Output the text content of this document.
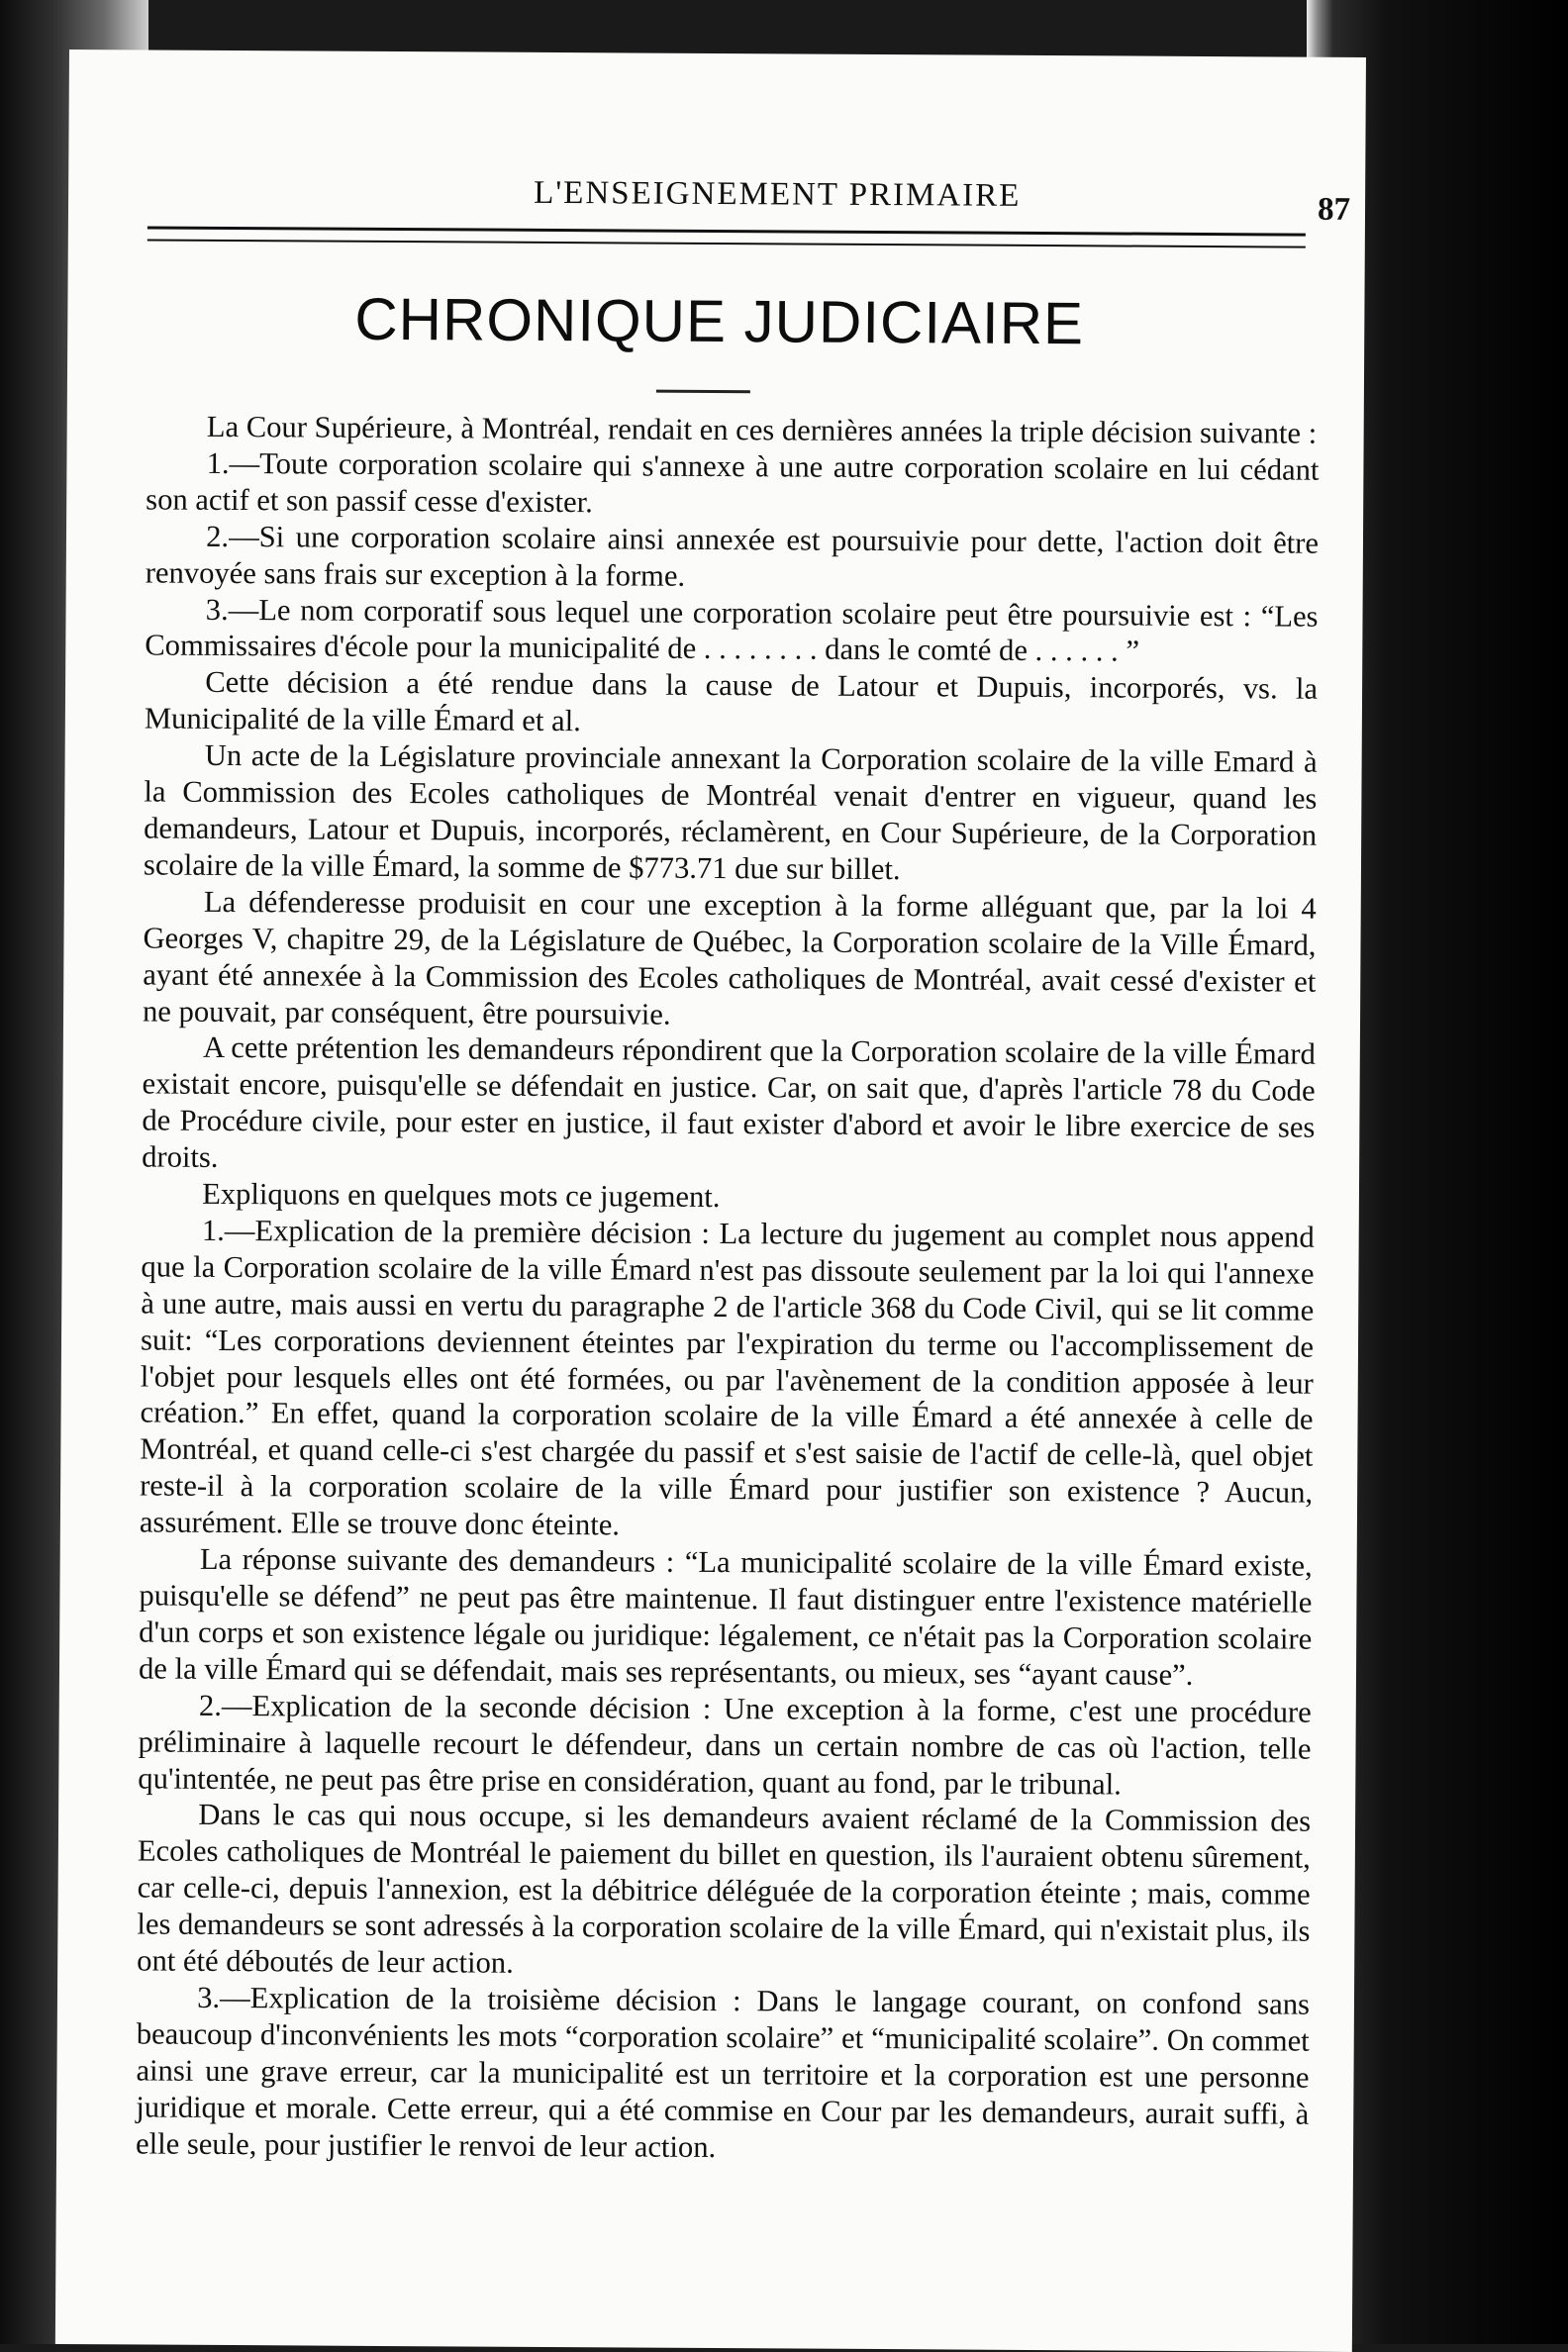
L'ENSEIGNEMENT PRIMAIRE	87
CHRONIQUE JUDICIAIRE

La Cour Supérieure, à Montréal, rendait en ces dernières années la triple décision suivante :

1.—Toute corporation scolaire qui s'annexe à une autre corporation scolaire en lui cédant son actif et son passif cesse d'exister.

2.—Si une corporation scolaire ainsi annexée est poursuivie pour dette, l'action doit être renvoyée sans frais sur exception à la forme.

3.—Le nom corporatif sous lequel une corporation scolaire peut être poursuivie est : “Les Commissaires d'école pour la municipalité de . . . . . . . . dans le comté de . . . . . . ”

Cette décision a été rendue dans la cause de Latour et Dupuis, incorporés, vs. la Municipalité de la ville Émard et al.

Un acte de la Législature provinciale annexant la Corporation scolaire de la ville Emard à la Commission des Ecoles catholiques de Montréal venait d'entrer en vigueur, quand les demandeurs, Latour et Dupuis, incorporés, réclamèrent, en Cour Supérieure, de la Corporation scolaire de la ville Émard, la somme de $773.71 due sur billet.

La défenderesse produisit en cour une exception à la forme alléguant que, par la loi 4 Georges V, chapitre 29, de la Législature de Québec, la Corporation scolaire de la Ville Émard, ayant été annexée à la Commission des Ecoles catholiques de Montréal, avait cessé d'exister et ne pouvait, par conséquent, être poursuivie.

A cette prétention les demandeurs répondirent que la Corporation scolaire de la ville Émard existait encore, puisqu'elle se défendait en justice. Car, on sait que, d'après l'article 78 du Code de Procédure civile, pour ester en justice, il faut exister d'abord et avoir le libre exercice de ses droits.

Expliquons en quelques mots ce jugement.

1.—Explication de la première décision : La lecture du jugement au complet nous append que la Corporation scolaire de la ville Émard n'est pas dissoute seulement par la loi qui l'annexe à une autre, mais aussi en vertu du paragraphe 2 de l'article 368 du Code Civil, qui se lit comme suit: “Les corporations deviennent éteintes par l'expiration du terme ou l'accomplissement de l'objet pour lesquels elles ont été formées, ou par l'avènement de la condition apposée à leur création.” En effet, quand la corporation scolaire de la ville Émard a été annexée à celle de Montréal, et quand celle-ci s'est chargée du passif et s'est saisie de l'actif de celle-là, quel objet reste-il à la corporation scolaire de la ville Émard pour justifier son existence ? Aucun, assurément. Elle se trouve donc éteinte.

La réponse suivante des demandeurs : “La municipalité scolaire de la ville Émard existe, puisqu'elle se défend” ne peut pas être maintenue. Il faut distinguer entre l'existence matérielle d'un corps et son existence légale ou juridique: légalement, ce n'était pas la Corporation scolaire de la ville Émard qui se défendait, mais ses représentants, ou mieux, ses “ayant cause”.

2.—Explication de la seconde décision : Une exception à la forme, c'est une procédure préliminaire à laquelle recourt le défendeur, dans un certain nombre de cas où l'action, telle qu'intentée, ne peut pas être prise en considération, quant au fond, par le tribunal.

Dans le cas qui nous occupe, si les demandeurs avaient réclamé de la Commission des Ecoles catholiques de Montréal le paiement du billet en question, ils l'auraient obtenu sûrement, car celle-ci, depuis l'annexion, est la débitrice déléguée de la corporation éteinte ; mais, comme les demandeurs se sont adressés à la corporation scolaire de la ville Émard, qui n'existait plus, ils ont été déboutés de leur action.

3.—Explication de la troisième décision : Dans le langage courant, on confond sans beaucoup d'inconvénients les mots “corporation scolaire” et “municipalité scolaire”. On commet ainsi une grave erreur, car la municipalité est un territoire et la corporation est une personne juridique et morale. Cette erreur, qui a été commise en Cour par les demandeurs, aurait suffi, à elle seule, pour justifier le renvoi de leur action.
